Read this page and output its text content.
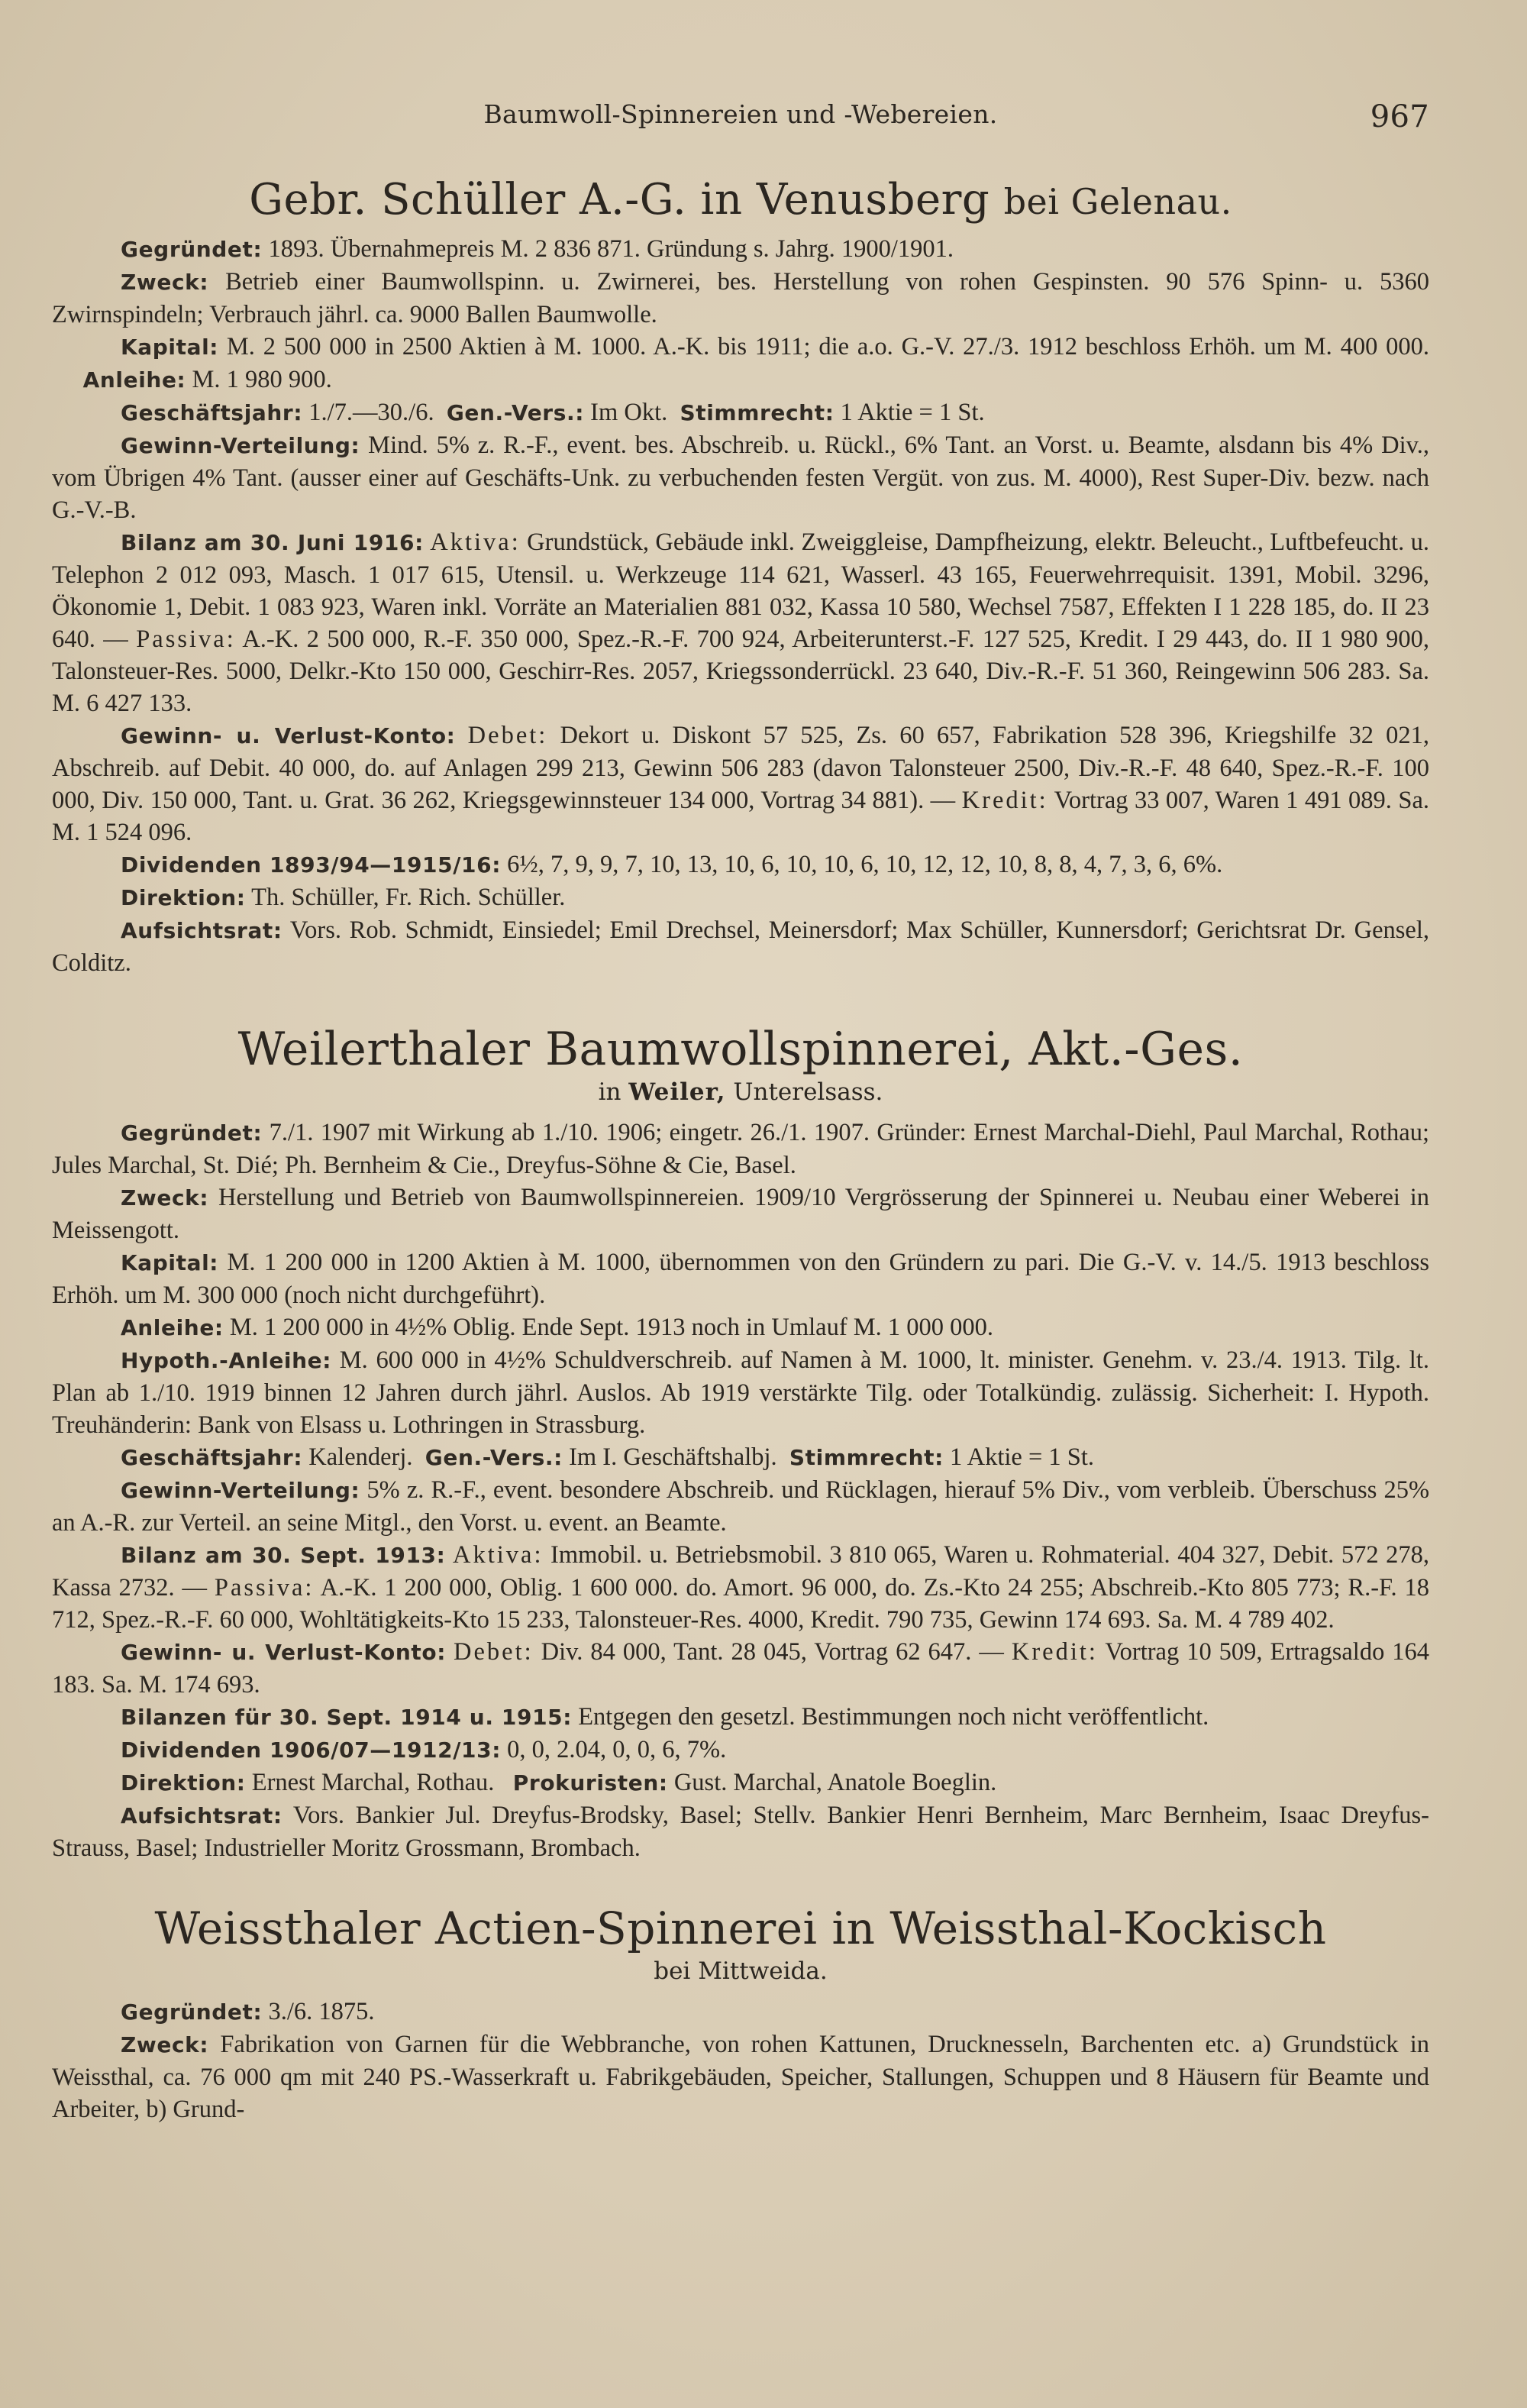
Baumwoll-Spinnereien und -Webereien.	967
Gebr. Schüller A.-G. in Venusberg bei Gelenau.

Gegründet: 1893. Übernahmepreis M. 2 836 871. Gründung s. Jahrg. 1900/1901.

Zweck: Betrieb einer Baumwollspinn. u. Zwirnerei, bes. Herstellung von rohen Gespinsten. 90 576 Spinn- u. 5360 Zwirnspindeln; Verbrauch jährl. ca. 9000 Ballen Baumwolle.

Kapital: M. 2 500 000 in 2500 Aktien à M. 1000. A.-K. bis 1911; die a.o. G.-V. 27./3. 1912 beschloss Erhöh. um M. 400 000.      Anleihe: M. 1 980 900.

Geschäftsjahr: 1./7.—30./6. Gen.-Vers.: Im Okt. Stimmrecht: 1 Aktie = 1 St.

Gewinn-Verteilung: Mind. 5% z. R.-F., event. bes. Abschreib. u. Rückl., 6% Tant. an Vorst. u. Beamte, alsdann bis 4% Div., vom Übrigen 4% Tant. (ausser einer auf Geschäfts-Unk. zu verbuchenden festen Vergüt. von zus. M. 4000), Rest Super-Div. bezw. nach G.-V.-B.

Bilanz am 30. Juni 1916: Aktiva: Grundstück, Gebäude inkl. Zweiggleise, Dampfheizung, elektr. Beleucht., Luftbefeucht. u. Telephon 2 012 093, Masch. 1 017 615, Utensil. u. Werkzeuge 114 621, Wasserl. 43 165, Feuerwehrrequisit. 1391, Mobil. 3296, Ökonomie 1, Debit. 1 083 923, Waren inkl. Vorräte an Materialien 881 032, Kassa 10 580, Wechsel 7587, Effekten I 1 228 185, do. II 23 640. — Passiva: A.-K. 2 500 000, R.-F. 350 000, Spez.-R.-F. 700 924, Arbeiterunterst.-F. 127 525, Kredit. I 29 443, do. II 1 980 900, Talonsteuer-Res. 5000, Delkr.-Kto 150 000, Geschirr-Res. 2057, Kriegssonderrückl. 23 640, Div.-R.-F. 51 360, Reingewinn 506 283. Sa. M. 6 427 133.

Gewinn- u. Verlust-Konto: Debet: Dekort u. Diskont 57 525, Zs. 60 657, Fabrikation 528 396, Kriegshilfe 32 021, Abschreib. auf Debit. 40 000, do. auf Anlagen 299 213, Gewinn 506 283 (davon Talonsteuer 2500, Div.-R.-F. 48 640, Spez.-R.-F. 100 000, Div. 150 000, Tant. u. Grat. 36 262, Kriegsgewinnsteuer 134 000, Vortrag 34 881). — Kredit: Vortrag 33 007, Waren 1 491 089. Sa. M. 1 524 096.

Dividenden 1893/94—1915/16: 6½, 7, 9, 9, 7, 10, 13, 10, 6, 10, 10, 6, 10, 12, 12, 10, 8, 8, 4, 7, 3, 6, 6%.

Direktion: Th. Schüller, Fr. Rich. Schüller.

Aufsichtsrat: Vors. Rob. Schmidt, Einsiedel; Emil Drechsel, Meinersdorf; Max Schüller, Kunnersdorf; Gerichtsrat Dr. Gensel, Colditz.

Weilerthaler Baumwollspinnerei, Akt.-Ges.
in Weiler, Unterelsass.

Gegründet: 7./1. 1907 mit Wirkung ab 1./10. 1906; eingetr. 26./1. 1907. Gründer: Ernest Marchal-Diehl, Paul Marchal, Rothau; Jules Marchal, St. Dié; Ph. Bernheim & Cie., Dreyfus-Söhne & Cie, Basel.

Zweck: Herstellung und Betrieb von Baumwollspinnereien. 1909/10 Vergrösserung der Spinnerei u. Neubau einer Weberei in Meissengott.

Kapital: M. 1 200 000 in 1200 Aktien à M. 1000, übernommen von den Gründern zu pari. Die G.-V. v. 14./5. 1913 beschloss Erhöh. um M. 300 000 (noch nicht durchgeführt).

Anleihe: M. 1 200 000 in 4½% Oblig. Ende Sept. 1913 noch in Umlauf M. 1 000 000.

Hypoth.-Anleihe: M. 600 000 in 4½% Schuldverschreib. auf Namen à M. 1000, lt. minister. Genehm. v. 23./4. 1913. Tilg. lt. Plan ab 1./10. 1919 binnen 12 Jahren durch jährl. Auslos. Ab 1919 verstärkte Tilg. oder Totalkündig. zulässig. Sicherheit: I. Hypoth. Treuhänderin: Bank von Elsass u. Lothringen in Strassburg.

Geschäftsjahr: Kalenderj. Gen.-Vers.: Im I. Geschäftshalbj. Stimmrecht: 1 Aktie = 1 St.

Gewinn-Verteilung: 5% z. R.-F., event. besondere Abschreib. und Rücklagen, hierauf 5% Div., vom verbleib. Überschuss 25% an A.-R. zur Verteil. an seine Mitgl., den Vorst. u. event. an Beamte.

Bilanz am 30. Sept. 1913: Aktiva: Immobil. u. Betriebsmobil. 3 810 065, Waren u. Rohmaterial. 404 327, Debit. 572 278, Kassa 2732. — Passiva: A.-K. 1 200 000, Oblig. 1 600 000. do. Amort. 96 000, do. Zs.-Kto 24 255; Abschreib.-Kto 805 773; R.-F. 18 712, Spez.-R.-F. 60 000, Wohltätigkeits-Kto 15 233, Talonsteuer-Res. 4000, Kredit. 790 735, Gewinn 174 693. Sa. M. 4 789 402.

Gewinn- u. Verlust-Konto: Debet: Div. 84 000, Tant. 28 045, Vortrag 62 647. — Kredit: Vortrag 10 509, Ertragsaldo 164 183. Sa. M. 174 693.

Bilanzen für 30. Sept. 1914 u. 1915: Entgegen den gesetzl. Bestimmungen noch nicht veröffentlicht.

Dividenden 1906/07—1912/13: 0, 0, 2.04, 0, 0, 6, 7%.

Direktion: Ernest Marchal, Rothau. Prokuristen: Gust. Marchal, Anatole Boeglin.

Aufsichtsrat: Vors. Bankier Jul. Dreyfus-Brodsky, Basel; Stellv. Bankier Henri Bernheim, Marc Bernheim, Isaac Dreyfus-Strauss, Basel; Industrieller Moritz Grossmann, Brombach.

Weissthaler Actien-Spinnerei in Weissthal-Kockisch
bei Mittweida.

Gegründet: 3./6. 1875.

Zweck: Fabrikation von Garnen für die Webbranche, von rohen Kattunen, Drucknesseln, Barchenten etc. a) Grundstück in Weissthal, ca. 76 000 qm mit 240 PS.-Wasserkraft u. Fabrikgebäuden, Speicher, Stallungen, Schuppen und 8 Häusern für Beamte und Arbeiter, b) Grund-
